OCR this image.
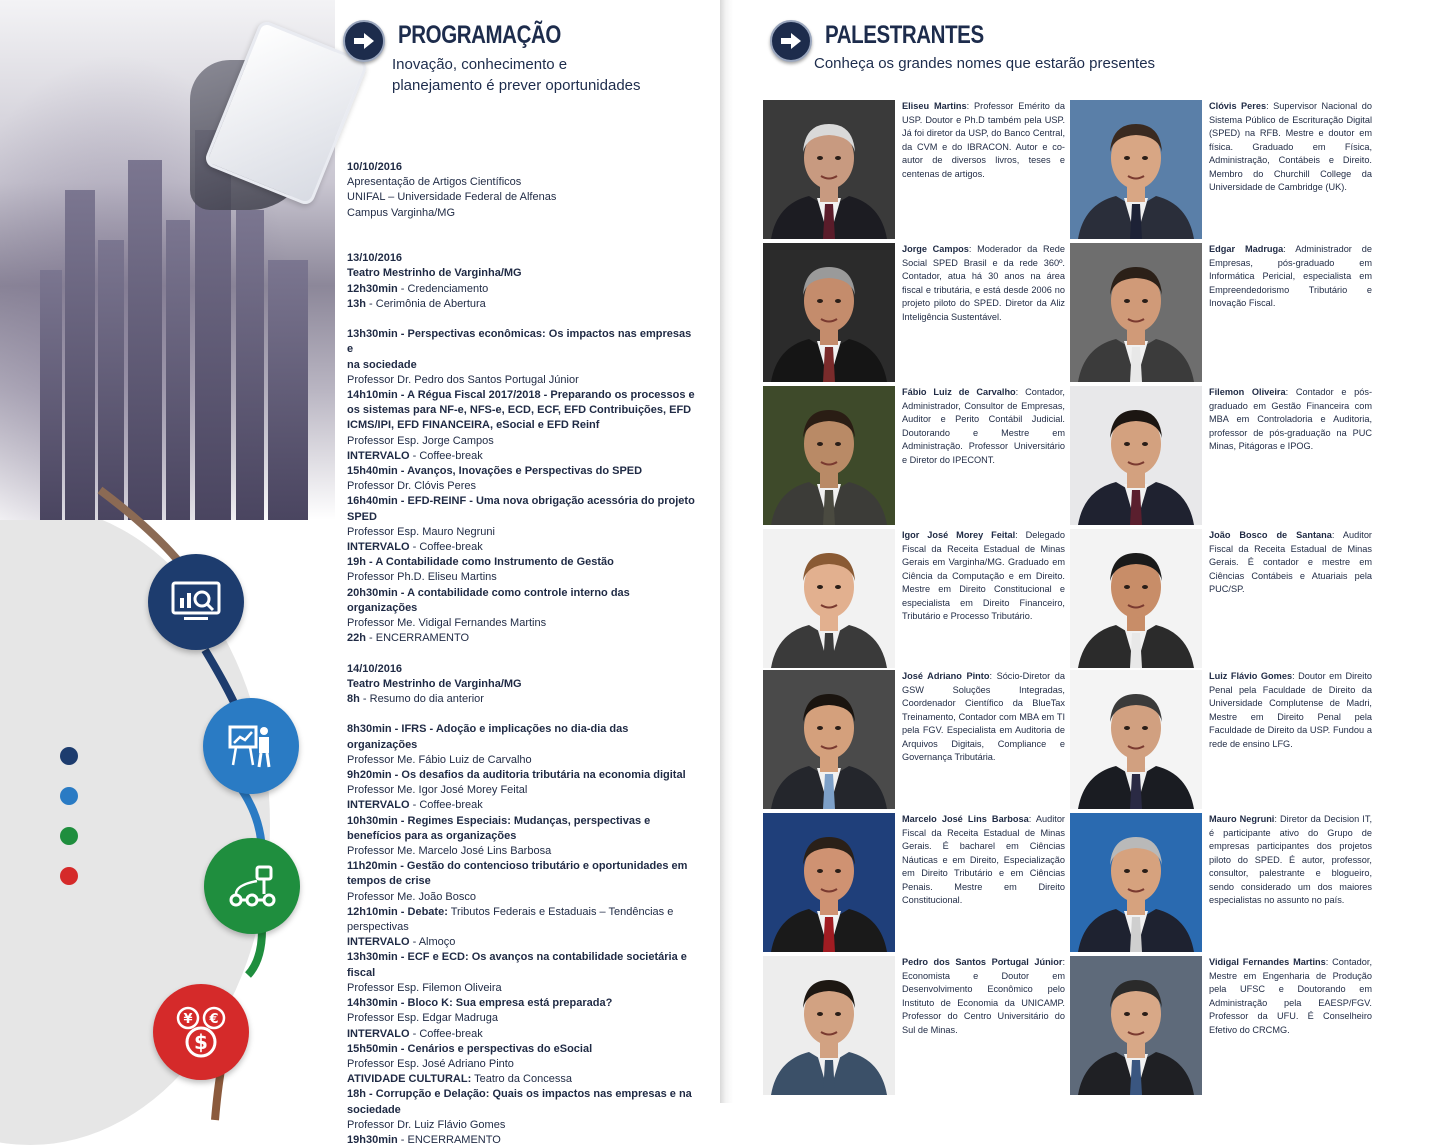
¥ €
$
PROGRAMAÇÃO
Inovação, conhecimento e
planejamento é prever oportunidades
10/10/2016
Apresentação de Artigos Científicos
UNIFAL – Universidade Federal de Alfenas
Campus Varginha/MG
13/10/2016
Teatro Mestrinho de Varginha/MG
12h30min - Credenciamento
13h - Cerimônia de Abertura
13h30min - Perspectivas econômicas: Os impactos nas empresas e
na sociedade
Professor Dr. Pedro dos Santos Portugal Júnior
14h10min - A Régua Fiscal 2017/2018 - Preparando os processos e
os sistemas para NF-e, NFS-e, ECD, ECF, EFD Contribuições, EFD
ICMS/IPI, EFD FINANCEIRA, eSocial e EFD Reinf
Professor Esp. Jorge Campos
INTERVALO - Coffee-break
15h40min - Avanços, Inovações e Perspectivas do SPED
Professor Dr. Clóvis Peres
16h40min - EFD-REINF - Uma nova obrigação acessória do projeto
SPED
Professor Esp. Mauro Negruni
INTERVALO - Coffee-break
19h - A Contabilidade como Instrumento de Gestão
Professor Ph.D. Eliseu Martins
20h30min - A contabilidade como controle interno das
organizações
Professor Me. Vidigal Fernandes Martins
22h - ENCERRAMENTO
14/10/2016
Teatro Mestrinho de Varginha/MG
8h - Resumo do dia anterior
8h30min - IFRS - Adoção e implicações no dia-dia das organizações
Professor Me. Fábio Luiz de Carvalho
9h20min - Os desafios da auditoria tributária na economia digital
Professor Me. Igor José Morey Feital
INTERVALO - Coffee-break
10h30min - Regimes Especiais: Mudanças, perspectivas e
benefícios para as organizações
Professor Me. Marcelo José Lins Barbosa
11h20min - Gestão do contencioso tributário e oportunidades em
tempos de crise
Professor Me. João Bosco
12h10min - Debate: Tributos Federais e Estaduais – Tendências e
perspectivas
INTERVALO - Almoço
13h30min - ECF e ECD: Os avanços na contabilidade societária e
fiscal
Professor Esp. Filemon Oliveira
14h30min - Bloco K: Sua empresa está preparada?
Professor Esp. Edgar Madruga
INTERVALO - Coffee-break
15h50min - Cenários e perspectivas do eSocial
Professor Esp. José Adriano Pinto
ATIVIDADE CULTURAL: Teatro da Concessa
18h - Corrupção e Delação: Quais os impactos nas empresas e na
sociedade
Professor Dr. Luiz Flávio Gomes
19h30min - ENCERRAMENTO
PALESTRANTES
Conheça os grandes nomes que estarão presentes
Eliseu Martins: Professor Emérito da USP. Doutor e Ph.D também pela USP. Já foi diretor da USP, do Banco Central, da CVM e do IBRACON. Autor e co-autor de diversos livros, teses e centenas de artigos.
Clóvis Peres: Supervisor Nacional do Sistema Público de Escrituração Digital (SPED) na RFB. Mestre e doutor em física. Graduado em Física, Administração, Contábeis e Direito. Membro do Churchill College da Universidade de Cambridge (UK).
Jorge Campos: Moderador da Rede Social SPED Brasil e da rede 360º. Contador, atua há 30 anos na área fiscal e tributária, e está desde 2006 no projeto piloto do SPED. Diretor da Aliz Inteligência Sustentável.
Edgar Madruga: Administrador de Empresas, pós-graduado em Informática Pericial, especialista em Empreendedorismo Tributário e Inovação Fiscal.
Fábio Luiz de Carvalho: Contador, Administrador, Consultor de Empresas, Auditor e Perito Contábil Judicial. Doutorando e Mestre em Administração. Professor Universitário e Diretor do IPECONT.
Filemon Oliveira: Contador e pós-graduado em Gestão Financeira com MBA em Controladoria e Auditoria, professor de pós-graduação na PUC Minas, Pitágoras e IPOG.
Igor José Morey Feital: Delegado Fiscal da Receita Estadual de Minas Gerais em Varginha/MG. Graduado em Ciência da Computação e em Direito. Mestre em Direito Constitucional e especialista em Direito Financeiro, Tributário e Processo Tributário.
João Bosco de Santana: Auditor Fiscal da Receita Estadual de Minas Gerais. É contador e mestre em Ciências Contábeis e Atuariais pela PUC/SP.
José Adriano Pinto: Sócio-Diretor da GSW Soluções Integradas, Coordenador Científico da BlueTax Treinamento, Contador com MBA em TI pela FGV. Especialista em Auditoria de Arquivos Digitais, Compliance e Governança Tributária.
Luiz Flávio Gomes: Doutor em Direito Penal pela Faculdade de Direito da Universidade Complutense de Madri, Mestre em Direito Penal pela Faculdade de Direito da USP. Fundou a rede de ensino LFG.
Marcelo José Lins Barbosa: Auditor Fiscal da Receita Estadual de Minas Gerais. É bacharel em Ciências Náuticas e em Direito, Especialização em Direito Tributário e em Ciências Penais. Mestre em Direito Constitucional.
Mauro Negruni: Diretor da Decision IT, é participante ativo do Grupo de empresas participantes dos projetos piloto do SPED. É autor, professor, consultor, palestrante e blogueiro, sendo considerado um dos maiores especialistas no assunto no país.
Pedro dos Santos Portugal Júnior: Economista e Doutor em Desenvolvimento Econômico pelo Instituto de Economia da UNICAMP. Professor do Centro Universitário do Sul de Minas.
Vidigal Fernandes Martins: Contador, Mestre em Engenharia de Produção pela UFSC e Doutorando em Administração pela EAESP/FGV. Professor da UFU. É Conselheiro Efetivo do CRCMG.
